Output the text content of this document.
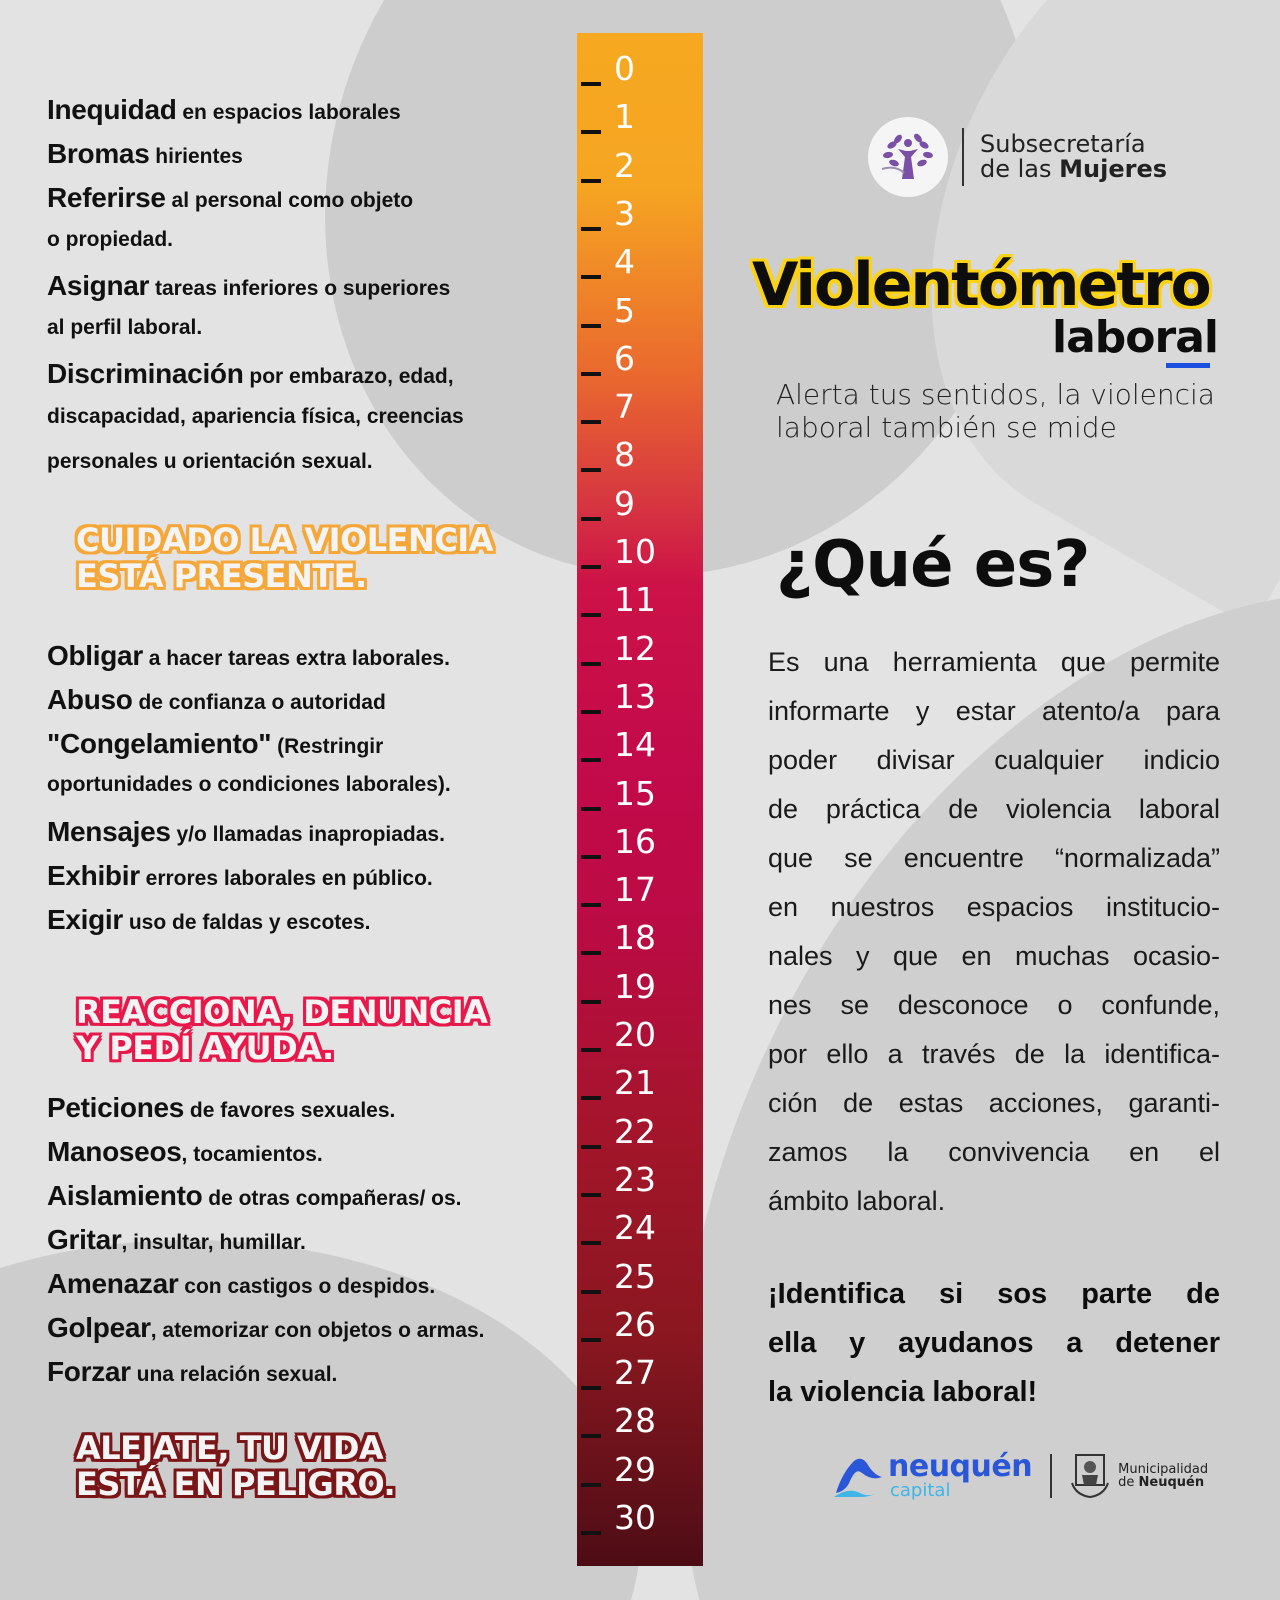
Inequidad en espacios laborales
Bromas hirientes
Referirse al personal como objeto
o propiedad.
Asignar tareas inferiores o superiores
al perfil laboral.
Discriminación por embarazo, edad,
discapacidad, apariencia física, creencias
personales u orientación sexual.
Obligar a hacer tareas extra laborales.
Abuso de confianza o autoridad
"Congelamiento" (Restringir
oportunidades o condiciones laborales).
Mensajes y/o llamadas inapropiadas.
Exhibir errores laborales en público.
Exigir uso de faldas y escotes.
Peticiones de favores sexuales.
Manoseos, tocamientos.
Aislamiento de otras compañeras/ os.
Gritar, insultar, humillar.
Amenazar con castigos o despidos.
Golpear, atemorizar con objetos o armas.
Forzar una relación sexual.
CUIDADO LA VIOLENCIA
ESTÁ PRESENTE.
REACCIONA, DENUNCIA
Y PEDÍ AYUDA.
ALEJATE, TU VIDA
ESTÁ EN PELIGRO.
0
1
2
3
4
5
6
7
8
9
10
11
12
13
14
15
16
17
18
19
20
21
22
23
24
25
26
27
28
29
30
Subsecretaría
de las Mujeres
Violentómetro
laboral
Alerta tus sentidos, la violencia
laboral también se mide
¿Qué es?
Es una herramienta que permite
informarte y estar atento/a para
poder divisar cualquier indicio
de práctica de violencia laboral
que se encuentre “normalizada”
en nuestros espacios institucio-
nales y que en muchas ocasio-
nes se desconoce o confunde,
por ello a través de la identifica-
ción de estas acciones, garanti-
zamos la convivencia en el
ámbito laboral.
¡Identifica si sos parte de
ella y ayudanos a detener
la violencia laboral!
neuquén
capital
Municipalidad
de Neuquén
